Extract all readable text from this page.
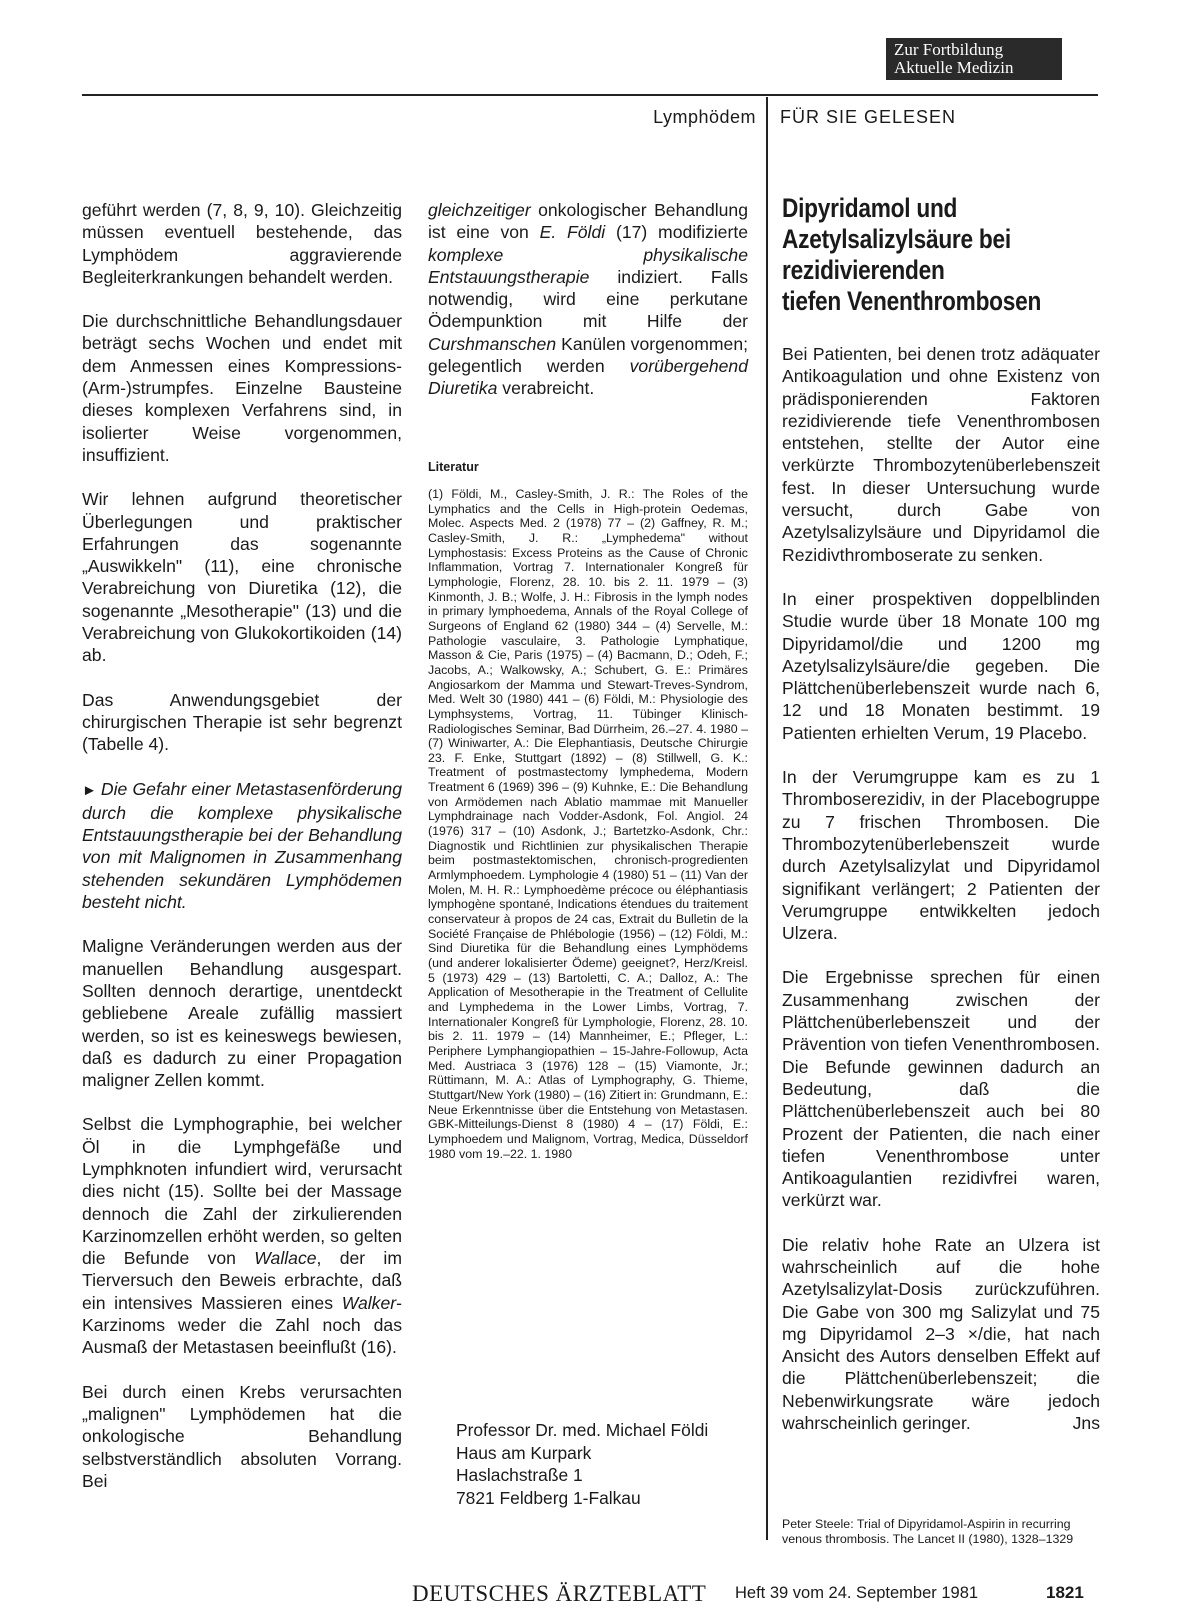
Zur Fortbildung
Aktuelle Medizin
Lymphödem FÜR SIE GELESEN

geführt werden (7, 8, 9, 10). Gleichzeitig müssen eventuell bestehende, das Lymphödem aggravierende Begleiterkrankungen behandelt werden.

Die durchschnittliche Behandlungsdauer beträgt sechs Wochen und endet mit dem Anmessen eines Kompressions-(Arm-)strumpfes. Einzelne Bausteine dieses komplexen Verfahrens sind, in isolierter Weise vorgenommen, insuffizient.

Wir lehnen aufgrund theoretischer Überlegungen und praktischer Erfahrungen das sogenannte „Auswikkeln" (11), eine chronische Verabreichung von Diuretika (12), die sogenannte „Mesotherapie" (13) und die Verabreichung von Glukokortikoiden (14) ab.

Das Anwendungsgebiet der chirurgischen Therapie ist sehr begrenzt (Tabelle 4).

► Die Gefahr einer Metastasenförderung durch die komplexe physikalische Entstauungstherapie bei der Behandlung von mit Malignomen in Zusammenhang stehenden sekundären Lymphödemen besteht nicht.

Maligne Veränderungen werden aus der manuellen Behandlung ausgespart. Sollten dennoch derartige, unentdeckt gebliebene Areale zufällig massiert werden, so ist es keineswegs bewiesen, daß es dadurch zu einer Propagation maligner Zellen kommt.

Selbst die Lymphographie, bei welcher Öl in die Lymphgefäße und Lymphknoten infundiert wird, verursacht dies nicht (15). Sollte bei der Massage dennoch die Zahl der zirkulierenden Karzinomzellen erhöht werden, so gelten die Befunde von Wallace, der im Tierversuch den Beweis erbrachte, daß ein intensives Massieren eines Walker-Karzinoms weder die Zahl noch das Ausmaß der Metastasen beeinflußt (16).

Bei durch einen Krebs verursachten „malignen" Lymphödemen hat die onkologische Behandlung selbstverständlich absoluten Vorrang. Bei

gleichzeitiger onkologischer Behandlung ist eine von E. Földi (17) modifizierte komplexe physikalische Entstauungstherapie indiziert. Falls notwendig, wird eine perkutane Ödempunktion mit Hilfe der Curshmanschen Kanülen vorgenommen; gelegentlich werden vorübergehend Diuretika verabreicht.

Literatur
(1) Földi, M., Casley-Smith, J. R.: The Roles of the Lymphatics and the Cells in High-protein Oedemas, Molec. Aspects Med. 2 (1978) 77 – (2) Gaffney, R. M.; Casley-Smith, J. R.: „Lymphedema" without Lymphostasis: Excess Proteins as the Cause of Chronic Inflammation, Vortrag 7. Internationaler Kongreß für Lymphologie, Florenz, 28. 10. bis 2. 11. 1979 – (3) Kinmonth, J. B.; Wolfe, J. H.: Fibrosis in the lymph nodes in primary lymphoedema, Annals of the Royal College of Surgeons of England 62 (1980) 344 – (4) Servelle, M.: Pathologie vasculaire, 3. Pathologie Lymphatique, Masson & Cie, Paris (1975) – (4) Bacmann, D.; Odeh, F.; Jacobs, A.; Walkowsky, A.; Schubert, G. E.: Primäres Angiosarkom der Mamma und Stewart-Treves-Syndrom, Med. Welt 30 (1980) 441 – (6) Földi, M.: Physiologie des Lymphsystems, Vortrag, 11. Tübinger Klinisch-Radiologisches Seminar, Bad Dürrheim, 26.–27. 4. 1980 – (7) Winiwarter, A.: Die Elephantiasis, Deutsche Chirurgie 23. F. Enke, Stuttgart (1892) – (8) Stillwell, G. K.: Treatment of postmastectomy lymphedema, Modern Treatment 6 (1969) 396 – (9) Kuhnke, E.: Die Behandlung von Armödemen nach Ablatio mammae mit Manueller Lymphdrainage nach Vodder-Asdonk, Fol. Angiol. 24 (1976) 317 – (10) Asdonk, J.; Bartetzko-Asdonk, Chr.: Diagnostik und Richtlinien zur physikalischen Therapie beim postmastektomischen, chronisch-progredienten Armlymphoedem. Lymphologie 4 (1980) 51 – (11) Van der Molen, M. H. R.: Lymphoedème précoce ou éléphantiasis lymphogène spontané, Indications étendues du traitement conservateur à propos de 24 cas, Extrait du Bulletin de la Société Française de Phlébologie (1956) – (12) Földi, M.: Sind Diuretika für die Behandlung eines Lymphödems (und anderer lokalisierter Ödeme) geeignet?, Herz/Kreisl. 5 (1973) 429 – (13) Bartoletti, C. A.; Dalloz, A.: The Application of Mesotherapie in the Treatment of Cellulite and Lymphedema in the Lower Limbs, Vortrag, 7. Internationaler Kongreß für Lymphologie, Florenz, 28. 10. bis 2. 11. 1979 – (14) Mannheimer, E.; Pfleger, L.: Periphere Lymphangiopathien – 15-Jahre-Followup, Acta Med. Austriaca 3 (1976) 128 – (15) Viamonte, Jr.; Rüttimann, M. A.: Atlas of Lymphography, G. Thieme, Stuttgart/New York (1980) – (16) Zitiert in: Grundmann, E.: Neue Erkenntnisse über die Entstehung von Metastasen. GBK-Mitteilungs-Dienst 8 (1980) 4 – (17) Földi, E.: Lymphoedem und Malignom, Vortrag, Medica, Düsseldorf 1980 vom 19.–22. 1. 1980
Professor Dr. med. Michael Földi
Haus am Kurpark
Haslachstraße 1
7821 Feldberg 1-Falkau
Dipyridamol und
Azetylsalizylsäure bei
rezidivierenden
tiefen Venenthrombosen

Bei Patienten, bei denen trotz adäquater Antikoagulation und ohne Existenz von prädisponierenden Faktoren rezidivierende tiefe Venenthrombosen entstehen, stellte der Autor eine verkürzte Thrombozytenüberlebenszeit fest. In dieser Untersuchung wurde versucht, durch Gabe von Azetylsalizylsäure und Dipyridamol die Rezidivthromboserate zu senken.

In einer prospektiven doppelblinden Studie wurde über 18 Monate 100 mg Dipyridamol/die und 1200 mg Azetylsalizylsäure/die gegeben. Die Plättchenüberlebenszeit wurde nach 6, 12 und 18 Monaten bestimmt. 19 Patienten erhielten Verum, 19 Placebo.

In der Verumgruppe kam es zu 1 Thromboserezidiv, in der Placebogruppe zu 7 frischen Thrombosen. Die Thrombozytenüberlebenszeit wurde durch Azetylsalizylat und Dipyridamol signifikant verlängert; 2 Patienten der Verumgruppe entwikkelten jedoch Ulzera.

Die Ergebnisse sprechen für einen Zusammenhang zwischen der Plättchenüberlebenszeit und der Prävention von tiefen Venenthrombosen. Die Befunde gewinnen dadurch an Bedeutung, daß die Plättchenüberlebenszeit auch bei 80 Prozent der Patienten, die nach einer tiefen Venenthrombose unter Antikoagulantien rezidivfrei waren, verkürzt war.

Die relativ hohe Rate an Ulzera ist wahrscheinlich auf die hohe Azetylsalizylat-Dosis zurückzuführen. Die Gabe von 300 mg Salizylat und 75 mg Dipyridamol 2–3 ×/die, hat nach Ansicht des Autors denselben Effekt auf die Plättchenüberlebenszeit; die Nebenwirkungsrate wäre jedoch wahrscheinlich geringer.	Jns

Peter Steele: Trial of Dipyridamol-Aspirin in recurring venous thrombosis. The Lancet II (1980), 1328–1329
DEUTSCHES ÄRZTEBLATT Heft 39 vom 24. September 1981	1821
